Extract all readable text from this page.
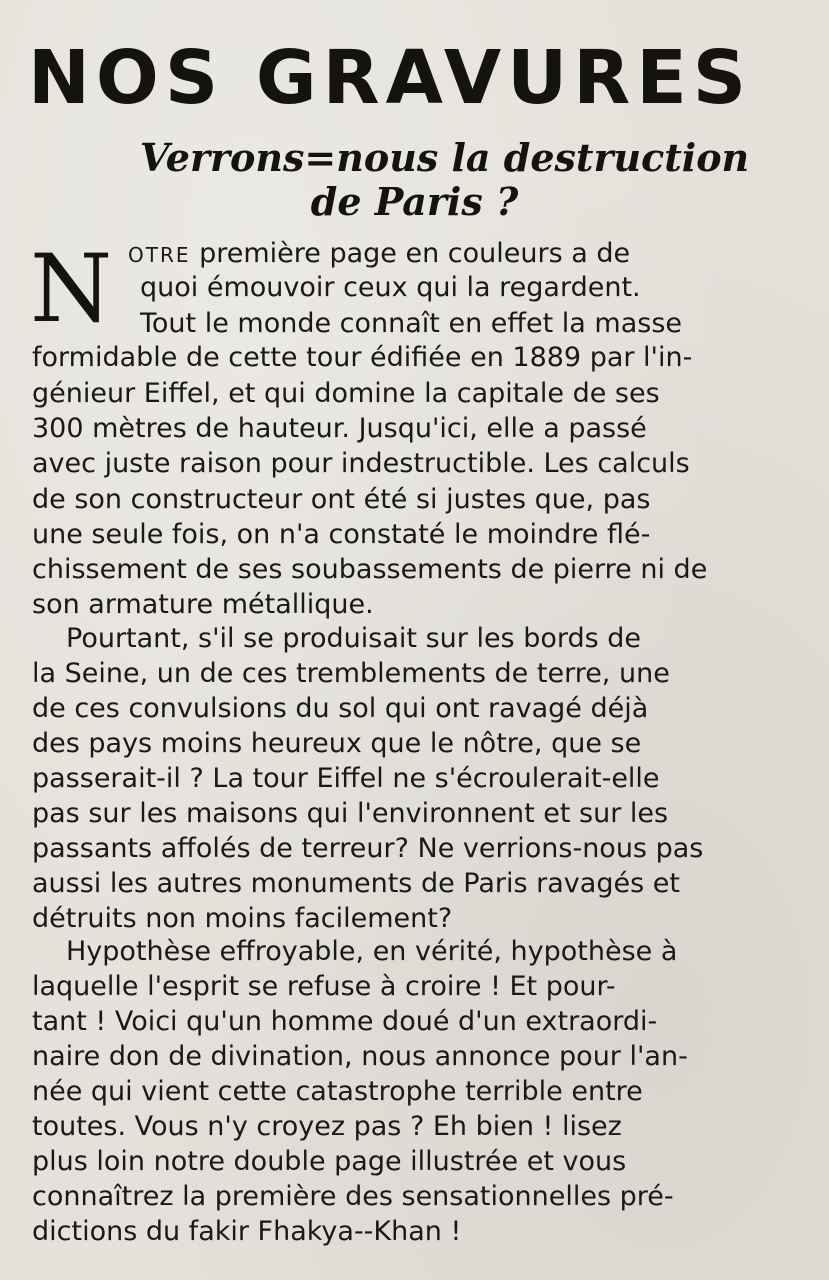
NOS GRAVURES
Verrons=nous la destruction
de Paris ?
N OTRE première page en couleurs a de
quoi émouvoir ceux qui la regardent.
Tout le monde connaît en effet la masse
formidable de cette tour édifiée en 1889 par l'in-
génieur Eiffel, et qui domine la capitale de ses
300 mètres de hauteur. Jusqu'ici, elle a passé
avec juste raison pour indestructible. Les calculs
de son constructeur ont été si justes que, pas
une seule fois, on n'a constaté le moindre flé-
chissement de ses soubassements de pierre ni de
son armature métallique.
Pourtant, s'il se produisait sur les bords de
la Seine, un de ces tremblements de terre, une
de ces convulsions du sol qui ont ravagé déjà
des pays moins heureux que le nôtre, que se
passerait-il ? La tour Eiffel ne s'écroulerait-elle
pas sur les maisons qui l'environnent et sur les
passants affolés de terreur? Ne verrions-nous pas
aussi les autres monuments de Paris ravagés et
détruits non moins facilement?
Hypothèse effroyable, en vérité, hypothèse à
laquelle l'esprit se refuse à croire ! Et pour-
tant ! Voici qu'un homme doué d'un extraordi-
naire don de divination, nous annonce pour l'an-
née qui vient cette catastrophe terrible entre
toutes. Vous n'y croyez pas ? Eh bien ! lisez
plus loin notre double page illustrée et vous
connaîtrez la première des sensationnelles pré-
dictions du fakir Fhakya--Khan !
